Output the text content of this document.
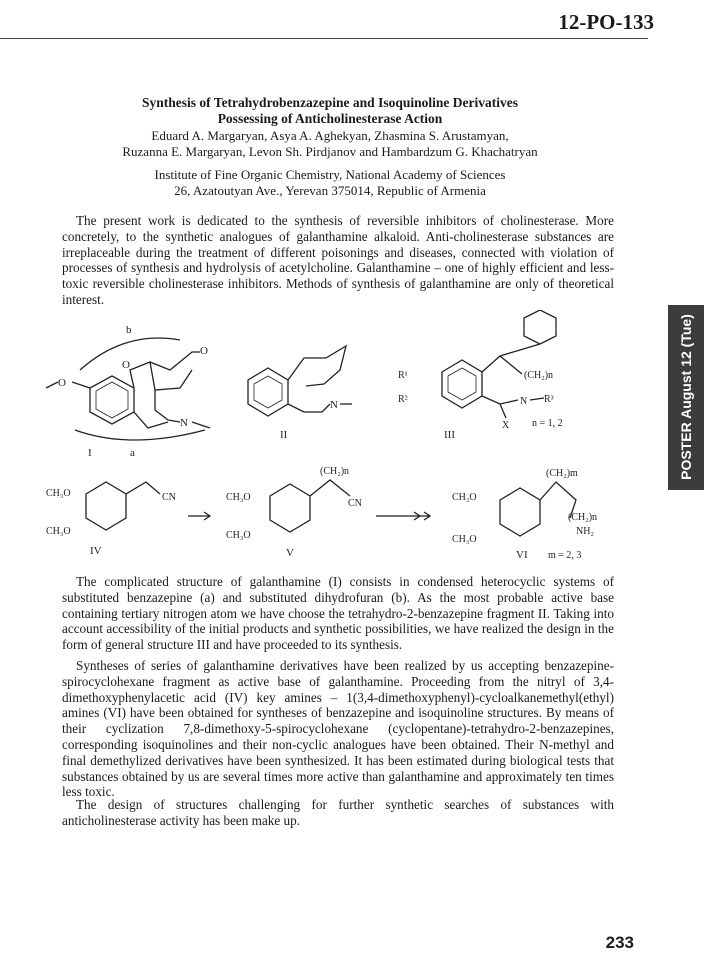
12-PO-133
POSTER August 12 (Tue)
Synthesis of Tetrahydrobenzazepine and Isoquinoline Derivatives
Possessing of Anticholinesterase Action
Eduard A. Margaryan, Asya A. Aghekyan, Zhasmina S. Arustamyan,
Ruzanna E. Margaryan, Levon Sh. Pirdjanov and Hambardzum G. Khachatryan
Institute of Fine Organic Chemistry, National Academy of Sciences
26, Azatoutyan Ave., Yerevan 375014, Republic of Armenia

The present work is dedicated to the synthesis of reversible inhibitors of cholinesterase. More concretely, to the synthetic analogues of galanthamine alkaloid. Anti-cholinesterase substances are irreplaceable during the treatment of different poisonings and diseases, connected with violation of processes of synthesis and hydrolysis of acetylcholine. Galanthamine – one of highly efficient and less-toxic reversible cholinesterase inhibitors. Methods of synthesis of galanthamine are only of theoretical interest.

b
O
O
N
O
a
I
N
II
R¹
R²
(CH₂)n
N R³
X n = 1, 2
III
CH₃O
CH₃O
CN
IV
CH₃O
CH₃O
(CH₂)n
CN
V
CH₃O
CH₃O
(CH₂)m
(CH₂)n
NH₂
VI m = 2, 3

The complicated structure of galanthamine (I) consists in condensed heterocyclic systems of substituted benzazepine (a) and substituted dihydrofuran (b). As the most probable active base containing tertiary nitrogen atom we have choose the tetrahydro-2-benzazepine fragment II. Taking into account accessibility of the initial products and synthetic possibilities, we have realized the design in the form of general structure III and have proceeded to its synthesis.

Syntheses of series of galanthamine derivatives have been realized by us accepting benzazepine-spirocyclohexane fragment as active base of galanthamine. Proceeding from the nitryl of 3,4-dimethoxyphenylacetic acid (IV) key amines – 1(3,4-dimethoxyphenyl)-cycloalkanemethyl(ethyl) amines (VI) have been obtained for syntheses of benzazepine and isoquinoline structures. By means of their cyclization 7,8-dimethoxy-5-spirocyclohexane (cyclopentane)-tetrahydro-2-benzazepines, corresponding isoquinolines and their non-cyclic analogues have been obtained. Their N-methyl and final demethylized derivatives have been synthesized. It has been estimated during biological tests that substances obtained by us are several times more active than galanthamine and approximately ten times less toxic.

The design of structures challenging for further synthetic searches of substances with anticholinesterase activity has been make up.

233
